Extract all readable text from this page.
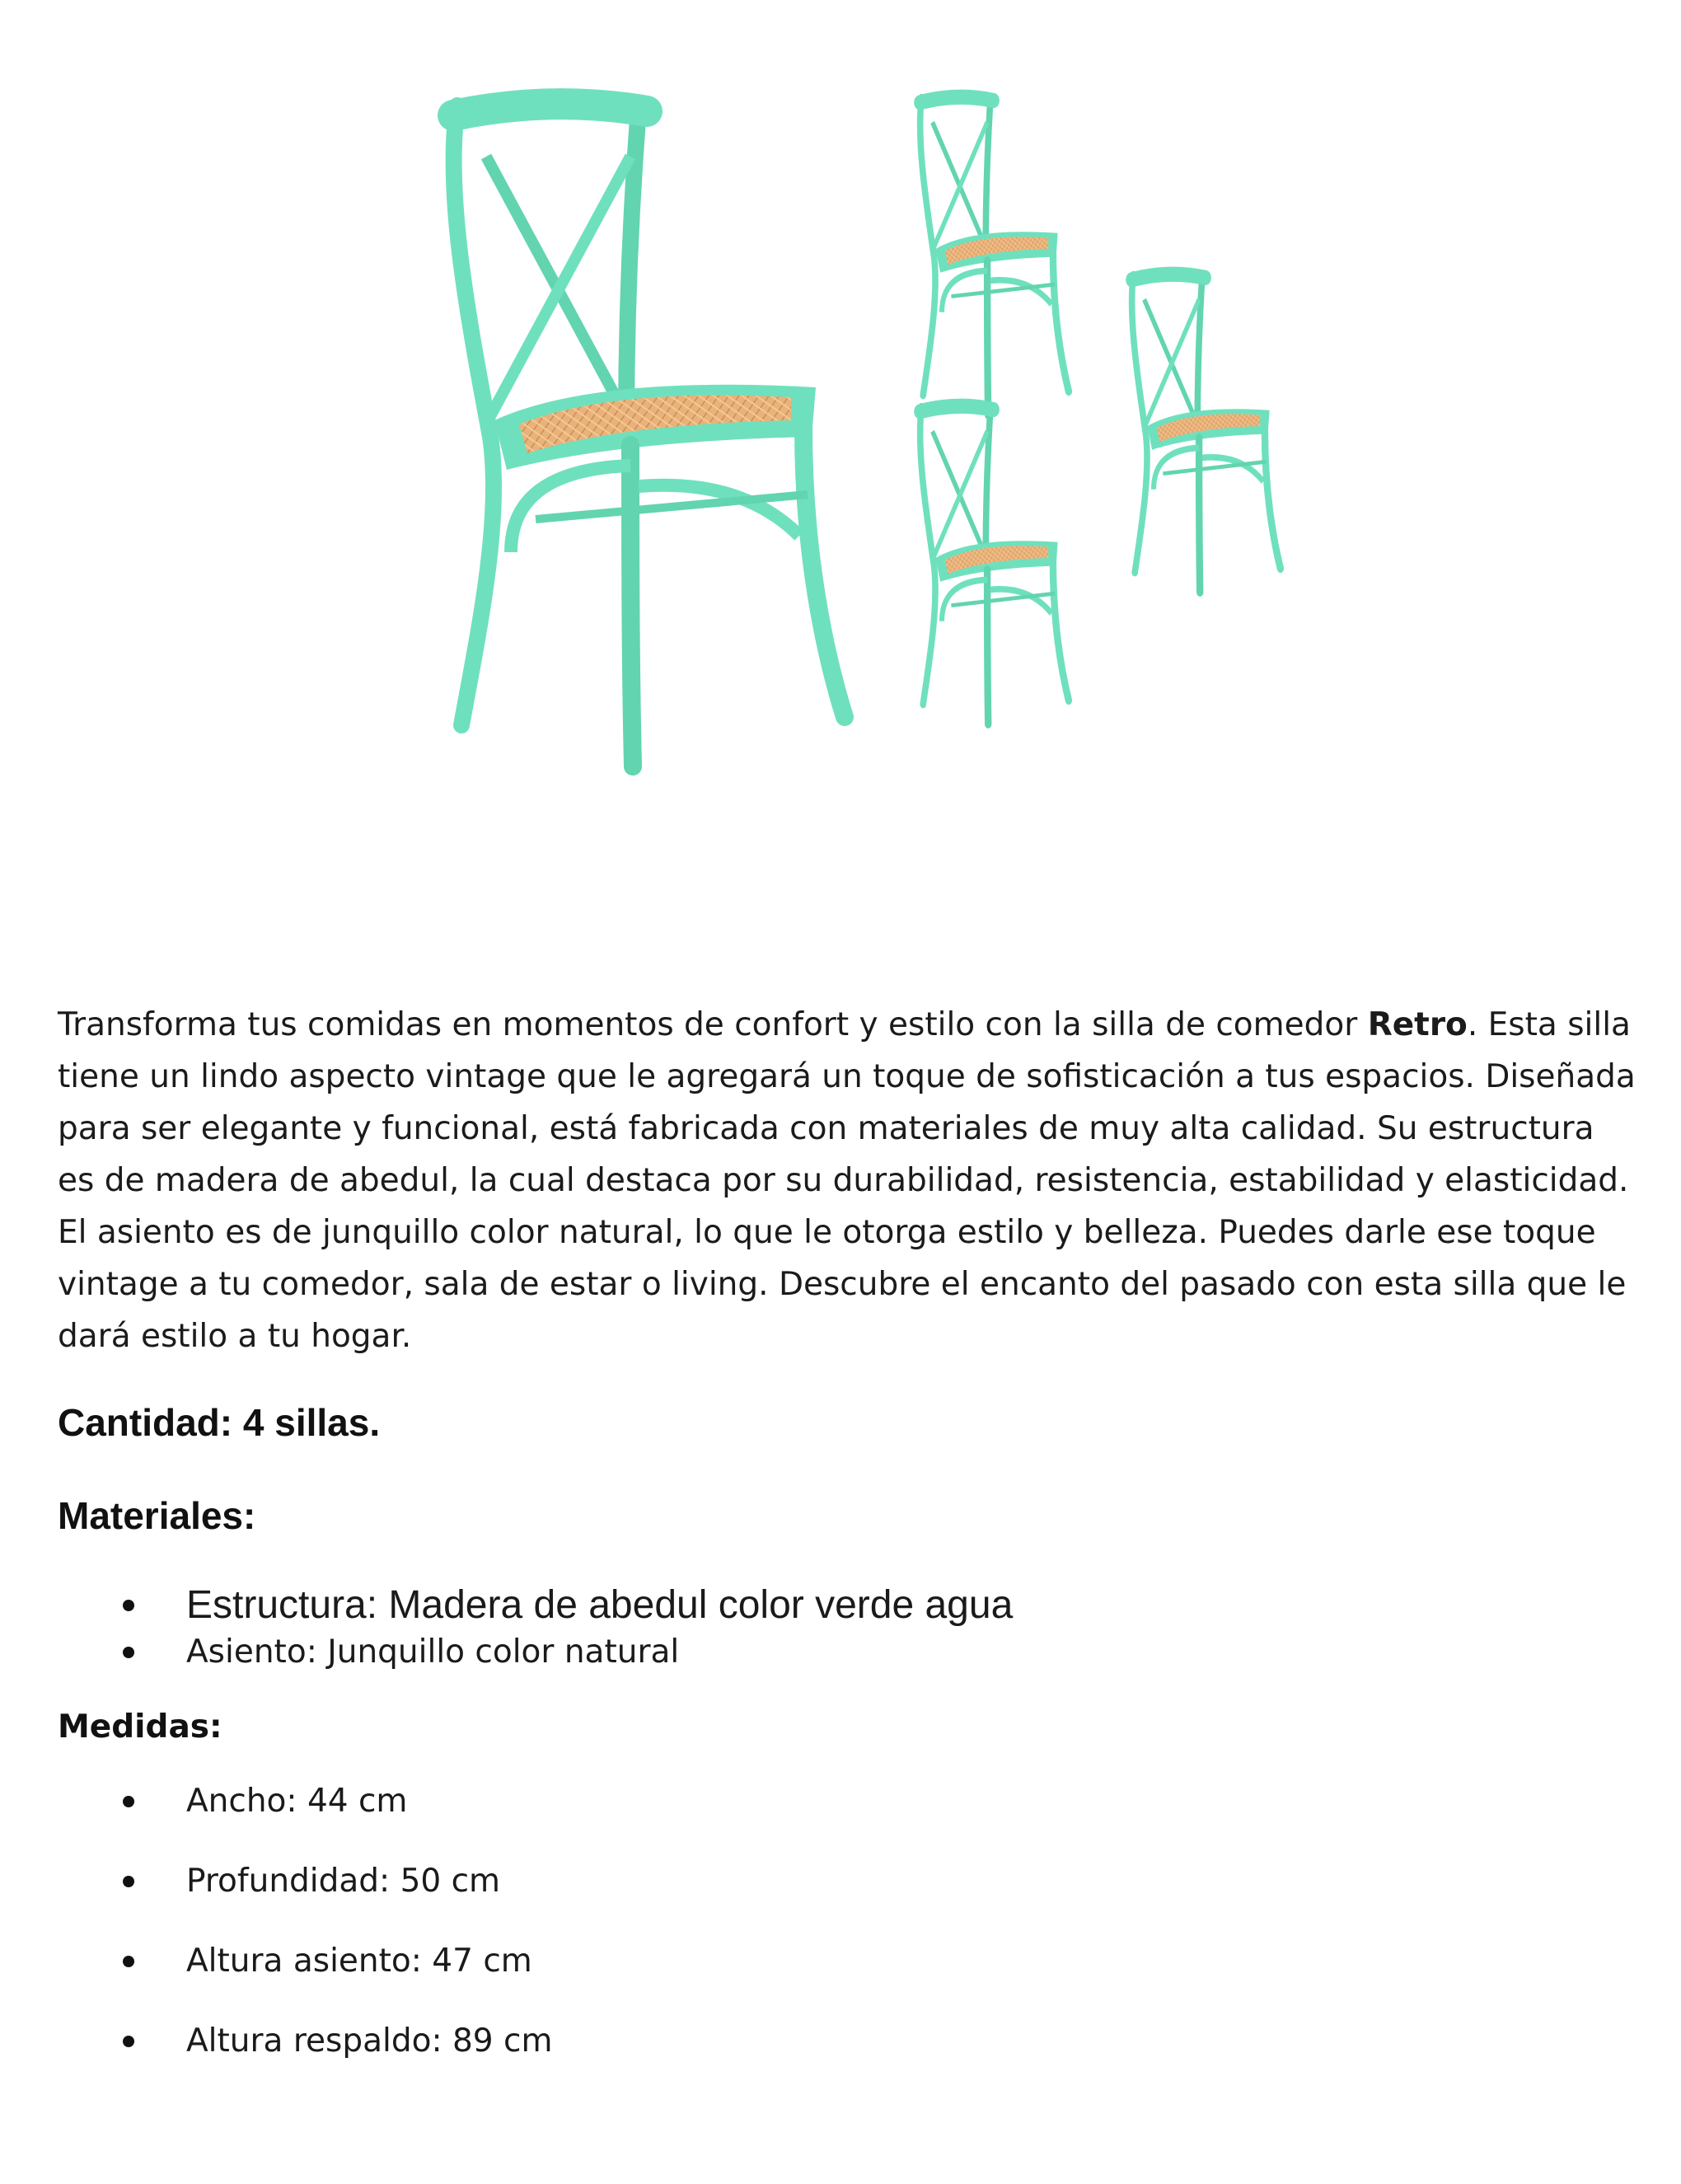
Transforma tus comidas en momentos de confort y estilo con la silla de comedor Retro. Esta silla tiene un lindo aspecto vintage que le agregará un toque de sofisticación a tus espacios. Diseñada para ser elegante y funcional, está fabricada con materiales de muy alta calidad. Su estructura es de madera de abedul, la cual destaca por su durabilidad, resistencia, estabilidad y elasticidad. El asiento es de junquillo color natural, lo que le otorga estilo y belleza. Puedes darle ese toque vintage a tu comedor, sala de estar o living. Descubre el encanto del pasado con esta silla que le dará estilo a tu hogar.

Cantidad: 4 sillas.
Materiales:
Estructura: Madera de abedul color verde agua
Asiento: Junquillo color natural
Medidas:
Ancho: 44 cm
Profundidad: 50 cm
Altura asiento: 47 cm
Altura respaldo: 89 cm
